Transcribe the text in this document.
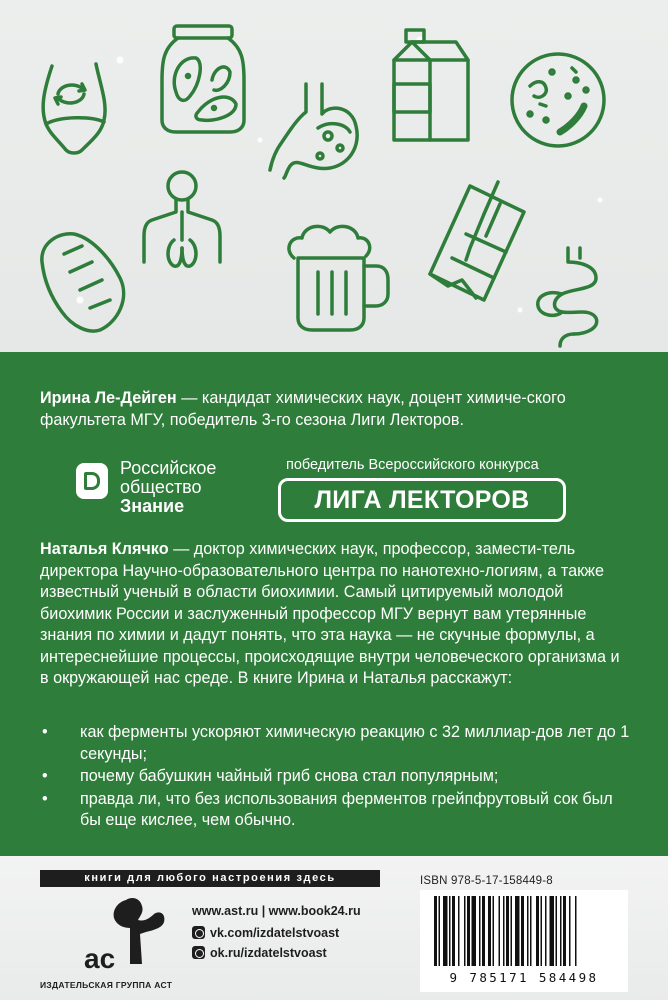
Ирина Ле-Дейген — кандидат химических наук, доцент химиче-ского факультета МГУ, победитель 3-го сезона Лиги Лекторов.

Российское
общество
Знание
победитель Всероссийского конкурса
ЛИГА ЛЕКТОРОВ

Наталья Клячко — доктор химических наук, профессор, замести-тель директора Научно-образовательного центра по нанотехно-логиям, а также известный ученый в области биохимии. Самый цитируемый молодой биохимик России и заслуженный профессор МГУ вернут вам утерянные знания по химии и дадут понять, что эта наука — не скучные формулы, а интереснейшие процессы, происходящие внутри человеческого организма и в окружающей нас среде. В книге Ирина и Наталья расскажут:

• как ферменты ускоряют химическую реакцию с 32 миллиар-дов лет до 1 секунды;
• почему бабушкин чайный гриб снова стал популярным;
• правда ли, что без использования ферментов грейпфрутовый сок был бы еще кислее, чем обычно.
книги для любого настроения здесь
ac
ИЗДАТЕЛЬСКАЯ ГРУППА АСТ
www.ast.ru | www.book24.ru
vk.com/izdatelstvoast
ok.ru/izdatelstvoast
ISBN 978-5-17-158449-8
9 785171 584498
